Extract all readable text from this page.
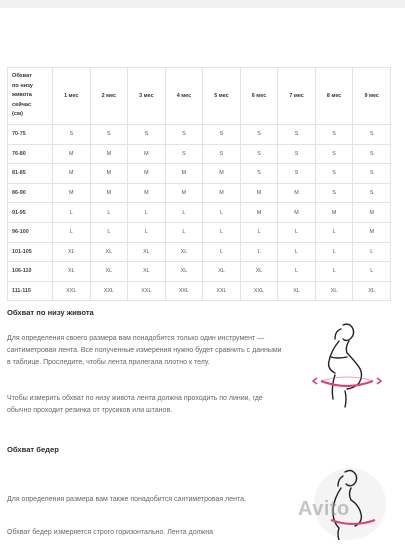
Обхват
по низу
живота
сейчас
(см)	1 мес	2 мес	3 мес	4 мес	5 мес	6 мес	7 мес	8 мес	9 мес
70-75	S	S	S	S	S	S	S	S	S
76-80	M	M	M	S	S	S	S	S	S
81-85	M	M	M	M	M	S	S	S	S
86-90	M	M	M	M	M	M	M	S	S
91-95	L	L	L	L	L	M	M	M	M
96-100	L	L	L	L	L	L	L	L	M
101-105	XL	XL	XL	XL	L	L	L	L	L
106-110	XL	XL	XL	XL	XL	XL	L	L	L
111-115	XXL	XXL	XXL	XXL	XXL	XXL	XL	XL	XL

Обхват по низу живота

Для определения своего размера вам понадобится только один инструмент — сантиметровая лента. Все полученные измерения нужно будет сравнить с данными в таблице. Проследите, чтобы лента прилегала плотно к телу.

Чтобы измерить обхват по низу живота лента должна проходить по линии, где обычно проходит резинка от трусиков или штанов.

Обхват бедер

Для определения размера вам также понадобится сантиметровая лента.

Обхват бедер измеряется строго горизонтально. Лента должна

Avito
